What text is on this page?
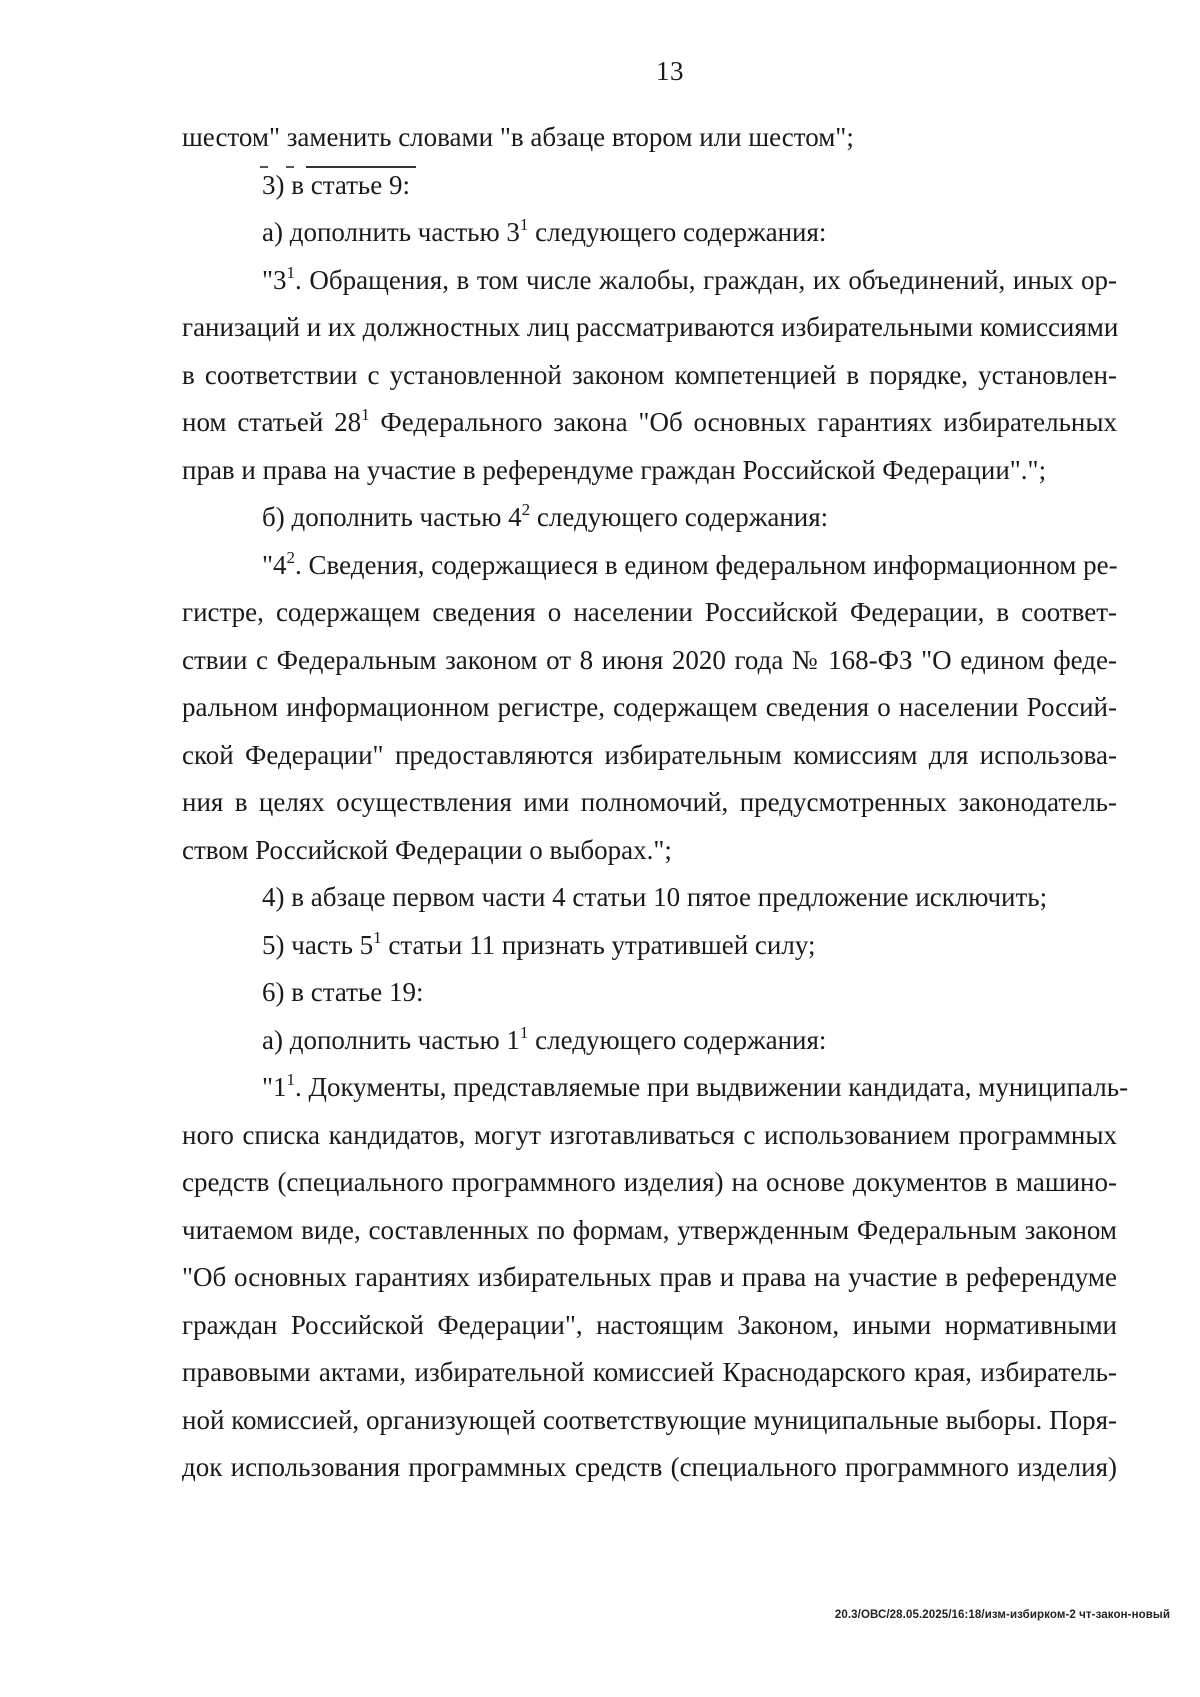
13

шестом" заменить словами "в абзаце втором или шестом";

3) в статье 9:

а) дополнить частью $3^1$ следующего содержания:

"$3^1$. Обращения, в том числе жалобы, граждан, их объединений, иных ор-
ганизаций и их должностных лиц рассматриваются избирательными комиссиями
в соответствии с установленной законом компетенцией в порядке, установлен-
ном статьей $28^1$ Федерального закона "Об основных гарантиях избирательных
прав и права на участие в референдуме граждан Российской Федерации".";

б) дополнить частью $4^2$ следующего содержания:

"$4^2$. Сведения, содержащиеся в едином федеральном информационном ре-
гистре, содержащем сведения о населении Российской Федерации, в соответ-
ствии с Федеральным законом от 8 июня 2020 года № 168-ФЗ "О едином феде-
ральном информационном регистре, содержащем сведения о населении Россий-
ской Федерации" предоставляются избирательным комиссиям для использова-
ния в целях осуществления ими полномочий, предусмотренных законодатель-
ством Российской Федерации о выборах.";

4) в абзаце первом части 4 статьи 10 пятое предложение исключить;

5) часть $5^1$ статьи 11 признать утратившей силу;

6) в статье 19:

а) дополнить частью $1^1$ следующего содержания:

"$1^1$. Документы, представляемые при выдвижении кандидата, муниципаль-
ного списка кандидатов, могут изготавливаться с использованием программных
средств (специального программного изделия) на основе документов в машино-
читаемом виде, составленных по формам, утвержденным Федеральным законом
"Об основных гарантиях избирательных прав и права на участие в референдуме
граждан Российской Федерации", настоящим Законом, иными нормативными
правовыми актами, избирательной комиссией Краснодарского края, избиратель-
ной комиссией, организующей соответствующие муниципальные выборы. Поря-
док использования программных средств (специального программного изделия)

20.3/ОВС/28.05.2025/16:18/изм-избирком-2 чт-закон-новый
